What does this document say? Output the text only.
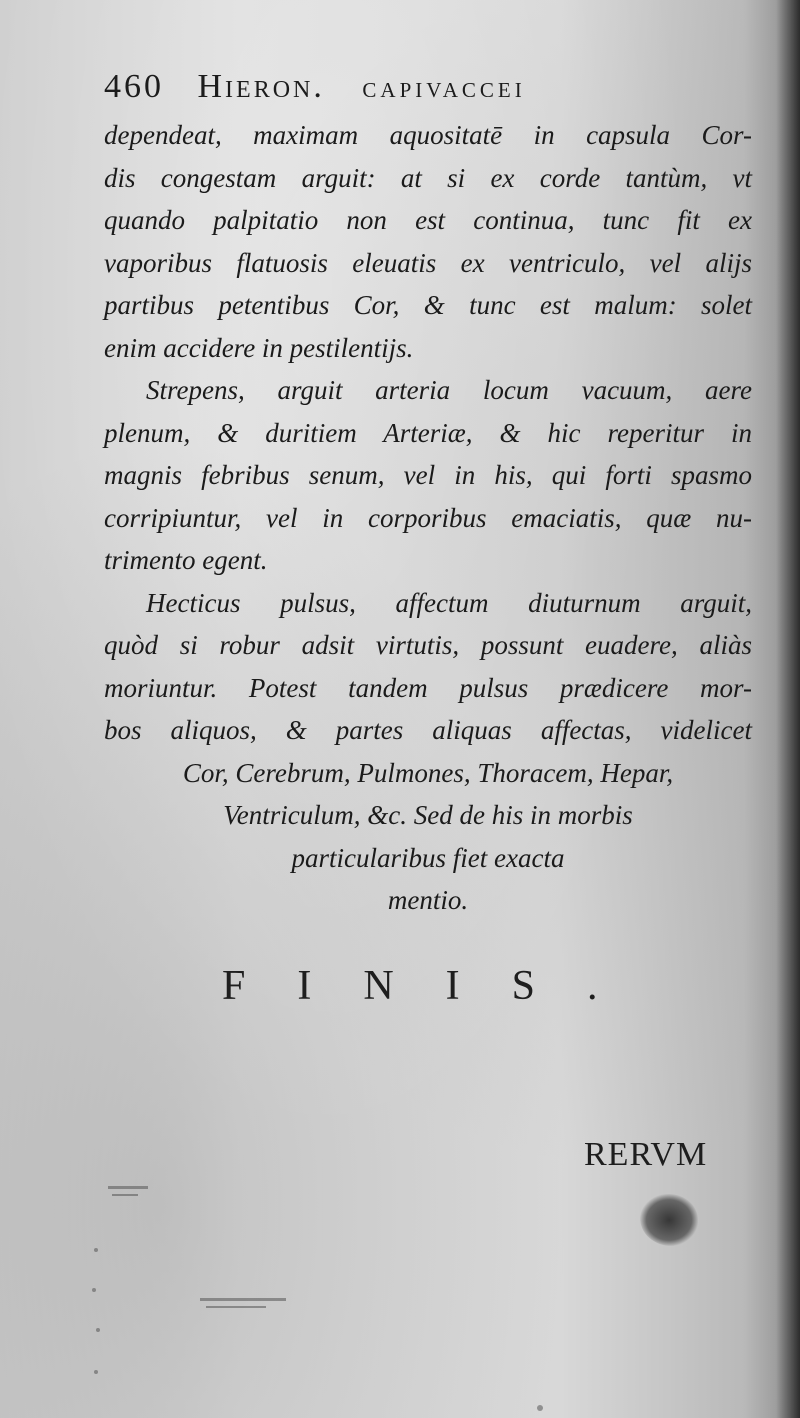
460 Hieron. capivaccei
dependeat, maximam aquositatē in capsula Cor-
dis congestam arguit: at si ex corde tantùm, vt
quando palpitatio non est continua, tunc fit ex
vaporibus flatuosis eleuatis ex ventriculo, vel alijs
partibus petentibus Cor, & tunc est malum: solet
enim accidere in pestilentijs.
Strepens, arguit arteria locum vacuum, aere
plenum, & duritiem Arteriæ, & hic reperitur in
magnis febribus senum, vel in his, qui forti spasmo
corripiuntur, vel in corporibus emaciatis, quæ nu-
trimento egent.
Hecticus pulsus, affectum diuturnum arguit,
quòd si robur adsit virtutis, possunt euadere, aliàs
moriuntur. Potest tandem pulsus prædicere mor-
bos aliquos, & partes aliquas affectas, videlicet
Cor, Cerebrum, Pulmones, Thoracem, Hepar,
Ventriculum, &c. Sed de his in morbis
particularibus fiet exacta
mentio.
FINIS.
RERVM
